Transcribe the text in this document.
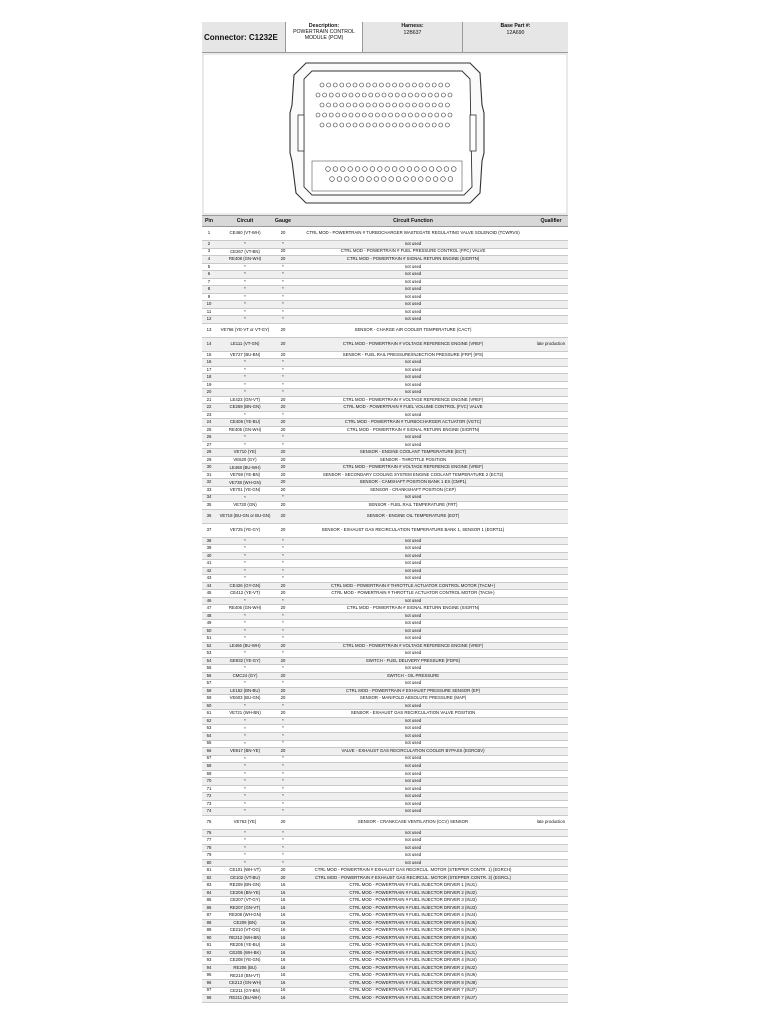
Connector: C1232E
Description:
POWERTRAIN CONTROL MODULE (PCM)
Harness:
12B637
Base Part #:
12A690
Pin	Circuit	Gauge	Circuit Function	Qualifier
1	CE460 (VT-WH)	20	CTRL MOD - POWERTRAIN # TURBOCHARGER WASTEGATE REGULATING VALVE SOLENOID (TCWRVS)
2	*	*	not used
3	CE267 (VT-BN)	20	CTRL MOD - POWERTRAIN # FUEL PRESSURE CONTROL (FPC) VALVE
4	RE408 (GN-WH)	20	CTRL MOD - POWERTRAIN # SIGNAL RETURN ENGINE (SIGRTN)
5	*	*	not used
6	*	*	not used
7	*	*	not used
8	*	*	not used
9	*	*	not used
10	*	*	not used
11	*	*	not used
12	*	*	not used
13	VE766 (YE-VT or VT-GY)	20	SENSOR - CHARGE AIR COOLER TEMPERATURE (CACT)
14	LE111 (VT-GN)	20	CTRL MOD - POWERTRAIN # VOLTAGE REFERENCE ENGINE (VREF)	late production
15	VE727 (BU-BN)	20	SENSOR - FUEL RAIL PRESSURE/INJECTION PRESSURE (FRP) (IPS)
16	*	*	not used
17	*	*	not used
18	*	*	not used
19	*	*	not used
20	*	*	not used
21	LE423 (GN-VT)	20	CTRL MOD - POWERTRAIN # VOLTAGE REFERENCE ENGINE (VREF)
22	CE269 (BN-GN)	20	CTRL MOD - POWERTRAIN # FUEL VOLUME CONTROL (FVC) VALVE
23	*	*	not used
24	CE406 (YE-BU)	20	CTRL MOD - POWERTRAIN # TURBOCHARGER ACTUATOR (VGTC)
25	RE405 (GN-WH)	20	CTRL MOD - POWERTRAIN # SIGNAL RETURN ENGINE (SIGRTN)
26	*	*	not used
27	*	*	not used
28	VE710 (YE)	20	SENSOR - ENGINE COOLANT TEMPERATURE (ECT)
29	VE620 (GY)	20	SENSOR - THROTTLE POSITION
30	LE468 (BU-WH)	20	CTRL MOD - POWERTRAIN # VOLTAGE REFERENCE ENGINE (VREF)
31	VE759 (YE-BN)	20	SENSOR - SECONDARY COOLING SYSTEM ENGINE COOLANT TEMPERATURE 2 (ECT2)
32	VE738 (WH-GN)	20	SENSOR - CAMSHAFT POSITION BANK 1 EX (CMP1)
33	VE701 (YE-GN)	20	SENSOR - CRANKSHAFT POSITION (CKP)
34	*	*	not used
35	VE720 (GN)	20	SENSOR - FUEL RAIL TEMPERATURE (FRT)
36	VE718 (BU-GN or BU-GN)	20	SENSOR - ENGINE OIL TEMPERATURE (EOT)
37	VE725 (YE-GY)	20	SENSOR - EXHAUST GAS RECIRCULATION TEMPERATURE BANK 1, SENSOR 1 (EGRT11)
38	*	*	not used
39	*	*	not used
40	*	*	not used
41	*	*	not used
42	*	*	not used
43	*	*	not used
44	CE426 (GY-GN)	20	CTRL MOD - POWERTRAIN # THROTTLE ACTUATOR CONTROL MOTOR (TACM+)
45	CE412 (YE-VT)	20	CTRL MOD - POWERTRAIN # THROTTLE ACTUATOR CONTROL MOTOR (TACM-)
46	*	*	not used
47	RE406 (GN-WH)	20	CTRL MOD - POWERTRAIN # SIGNAL RETURN ENGINE (SIGRTN)
48	*	*	not used
49	*	*	not used
50	*	*	not used
51	*	*	not used
52	LE466 (BU-WH)	20	CTRL MOD - POWERTRAIN # VOLTAGE REFERENCE ENGINE (VREF)
53	*	*	not used
54	GE932 (YE-GY)	20	SWITCH - FUEL DELIVERY PRESSURE (FDPS)
55	*	*	not used
56	CMC24 (GY)	20	SWITCH - OIL PRESSURE
57	*	*	not used
58	LE152 (BN-BU)	20	CTRL MOD - POWERTRAIN # EXHAUST PRESSURE SENSOR (EP)
59	VE603 (BU-GN)	20	SENSOR - MANIFOLD ABSOLUTE PRESSURE (MAP)
60	*	*	not used
61	VE721 (WH-BN)	20	SENSOR - EXHAUST GAS RECIRCULATION VALVE POSITION
62	*	*	not used
63	*	*	not used
64	*	*	not used
65	*	*	not used
66	VE917 (BN-YE)	20	VALVE - EXHAUST GAS RECIRCULATION COOLER BYPASS (EGRCBV)
67	*	*	not used
68	*	*	not used
69	*	*	not used
70	*	*	not used
71	*	*	not used
72	*	*	not used
73	*	*	not used
74	*	*	not used
75	VE763 (YE)	20	SENSOR - CRANKCASE VENTILATION (CCV) SENSOR	late production
76	*	*	not used
77	*	*	not used
78	*	*	not used
79	*	*	not used
80	*	*	not used
81	CE101 (WH-VT)	20	CTRL MOD - POWERTRAIN # EXHAUST GAS RECIRCUL. MOTOR (STEPPER CONTR. 1) (EGRCH)
82	CE102 (VT-BU)	20	CTRL MOD - POWERTRAIN # EXHAUST GAS RECIRCUL. MOTOR (STEPPER CONTR. 2) (EGRCL)
83	RE209 (BN-GN)	16	CTRL MOD - POWERTRAIN # FUEL INJECTOR DRIVER 1 (INJ1)
84	CE206 (BN-YE)	16	CTRL MOD - POWERTRAIN # FUEL INJECTOR DRIVER 2 (INJ2)
85	CE207 (VT-GY)	16	CTRL MOD - POWERTRAIN # FUEL INJECTOR DRIVER 3 (INJ3)
86	RE207 (GN-VT)	16	CTRL MOD - POWERTRAIN # FUEL INJECTOR DRIVER 3 (INJ3)
87	RE208 (WH-GN)	16	CTRL MOD - POWERTRAIN # FUEL INJECTOR DRIVER 4 (INJ4)
88	CE209 (BN)	16	CTRL MOD - POWERTRAIN # FUEL INJECTOR DRIVER 5 (INJ5)
89	CE210 (VT-OG)	16	CTRL MOD - POWERTRAIN # FUEL INJECTOR DRIVER 6 (INJ6)
90	RE212 (WH-BN)	16	CTRL MOD - POWERTRAIN # FUEL INJECTOR DRIVER 8 (INJ8)
91	RE205 (YE-BU)	16	CTRL MOD - POWERTRAIN # FUEL INJECTOR DRIVER 1 (INJ1)
92	CE205 (WH-BK)	16	CTRL MOD - POWERTRAIN # FUEL INJECTOR DRIVER 1 (INJ1)
93	CE208 (YE-GN)	16	CTRL MOD - POWERTRAIN # FUEL INJECTOR DRIVER 4 (INJ4)
94	RE206 (BU)	16	CTRL MOD - POWERTRAIN # FUEL INJECTOR DRIVER 2 (INJ2)
95	RE210 (BN-VT)	16	CTRL MOD - POWERTRAIN # FUEL INJECTOR DRIVER 6 (INJ6)
96	CE213 (GN-WH)	16	CTRL MOD - POWERTRAIN # FUEL INJECTOR DRIVER 8 (INJ8)
97	CE211 (GY-BN)	16	CTRL MOD - POWERTRAIN # FUEL INJECTOR DRIVER 7 (INJ7)
98	RE211 (BU-WH)	16	CTRL MOD - POWERTRAIN # FUEL INJECTOR DRIVER 7 (INJ7)
